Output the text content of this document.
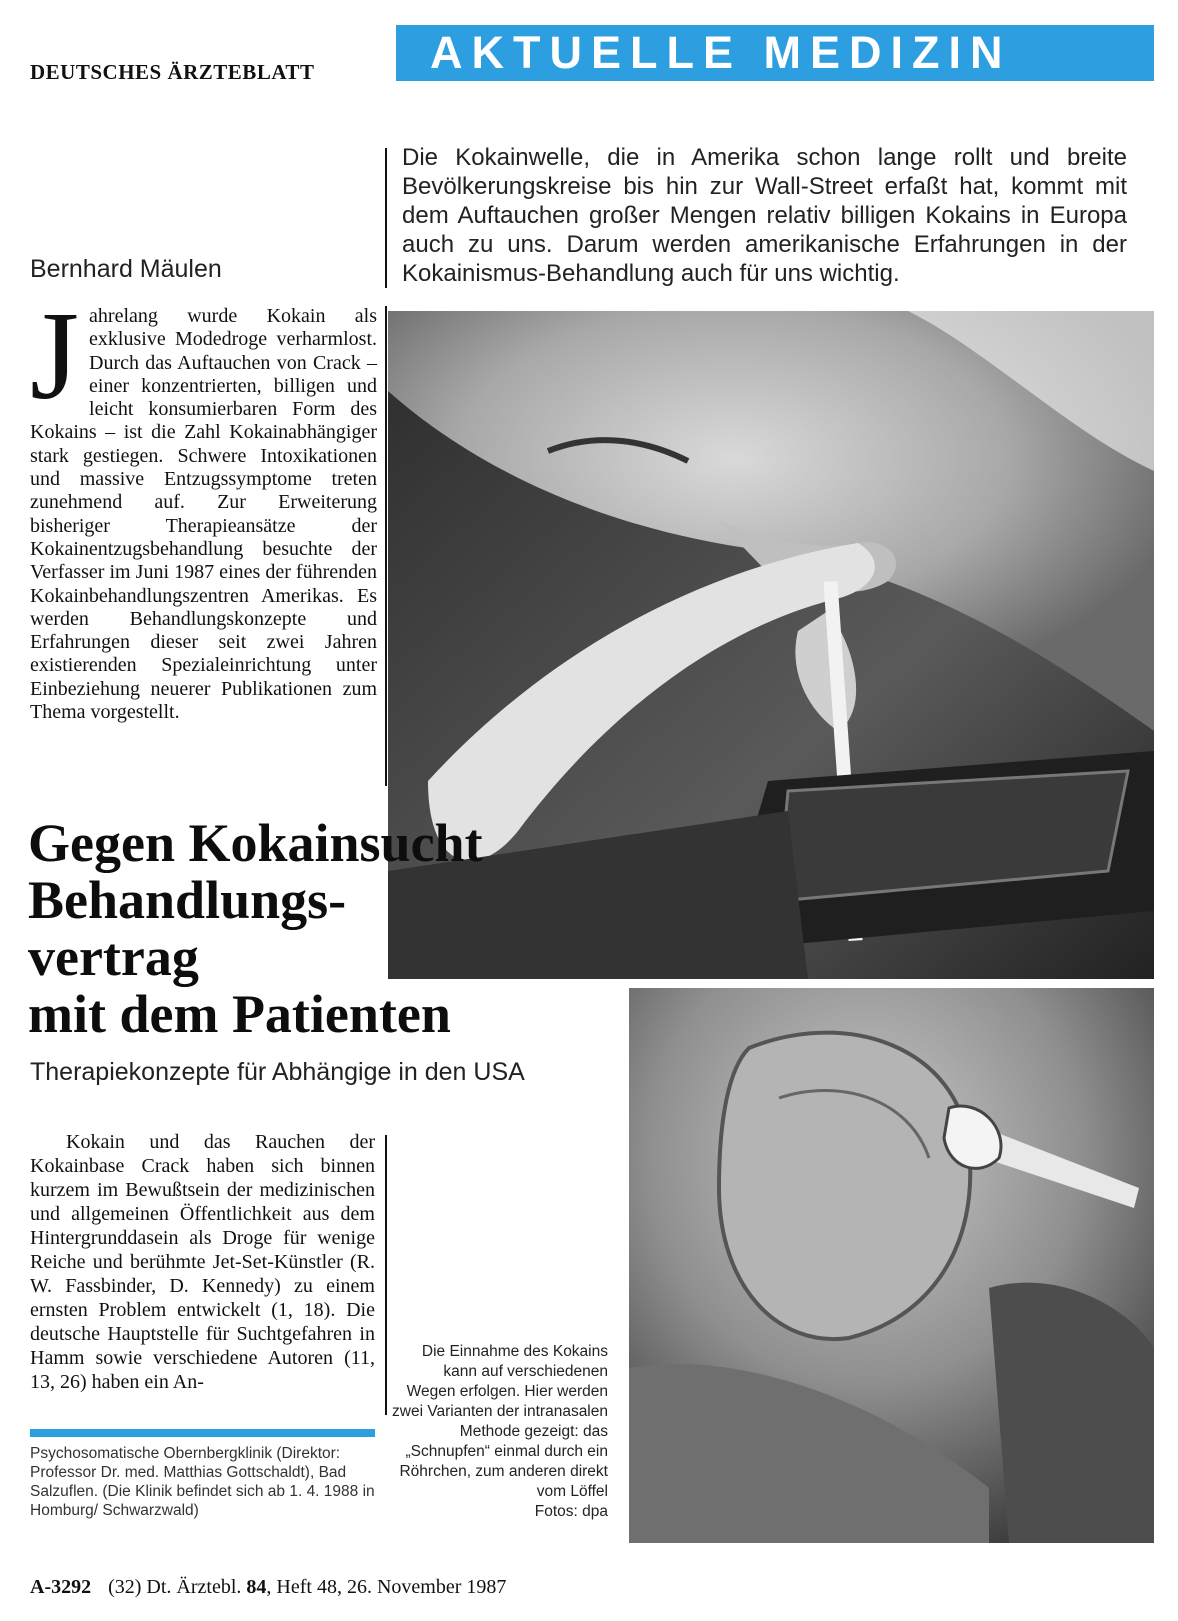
DEUTSCHES ÄRZTEBLATT	AKTUELLE MEDIZIN
Die Kokainwelle, die in Amerika schon lange rollt und breite Bevölkerungskreise bis hin zur Wall-Street erfaßt hat, kommt mit dem Auftauchen großer Mengen relativ billigen Kokains in Europa auch zu uns. Darum werden amerikanische Erfahrungen in der Kokainismus-Behandlung auch für uns wichtig.
Bernhard Mäulen
Jahrelang wurde Kokain als exklusive Modedroge verharmlost. Durch das Auftauchen von Crack – einer konzentrierten, billigen und leicht konsumierbaren Form des Kokains – ist die Zahl Kokainabhängiger stark gestiegen. Schwere Intoxikationen und massive Entzugssymptome treten zunehmend auf. Zur Erweiterung bisheriger Therapieansätze der Kokainentzugsbehandlung besuchte der Verfasser im Juni 1987 eines der führenden Kokainbehandlungszentren Amerikas. Es werden Behandlungskonzepte und Erfahrungen dieser seit zwei Jahren existierenden Spezialeinrichtung unter Einbeziehung neuerer Publikationen zum Thema vorgestellt.
Gegen Kokainsucht
Behandlungs-
vertrag
mit dem Patienten
Therapiekonzepte für Abhängige in den USA
Kokain und das Rauchen der Kokainbase Crack haben sich binnen kurzem im Bewußtsein der medizinischen und allgemeinen Öffentlichkeit aus dem Hintergrunddasein als Droge für wenige Reiche und berühmte Jet-Set-Künstler (R. W. Fassbinder, D. Kennedy) zu einem ernsten Problem entwickelt (1, 18). Die deutsche Hauptstelle für Suchtgefahren in Hamm sowie verschiedene Autoren (11, 13, 26) haben ein An-
Psychosomatische Obernbergklinik (Direktor: Professor Dr. med. Matthias Gottschaldt), Bad Salzuflen. (Die Klinik befindet sich ab 1. 4. 1988 in Homburg/ Schwarzwald)
Die Einnahme des Kokains kann auf verschiedenen Wegen erfolgen. Hier werden zwei Varianten der intranasalen Methode gezeigt: das „Schnupfen“ einmal durch ein Röhrchen, zum anderen direkt vom Löffel
Fotos: dpa
A-3292 (32) Dt. Ärztebl. 84, Heft 48, 26. November 1987
